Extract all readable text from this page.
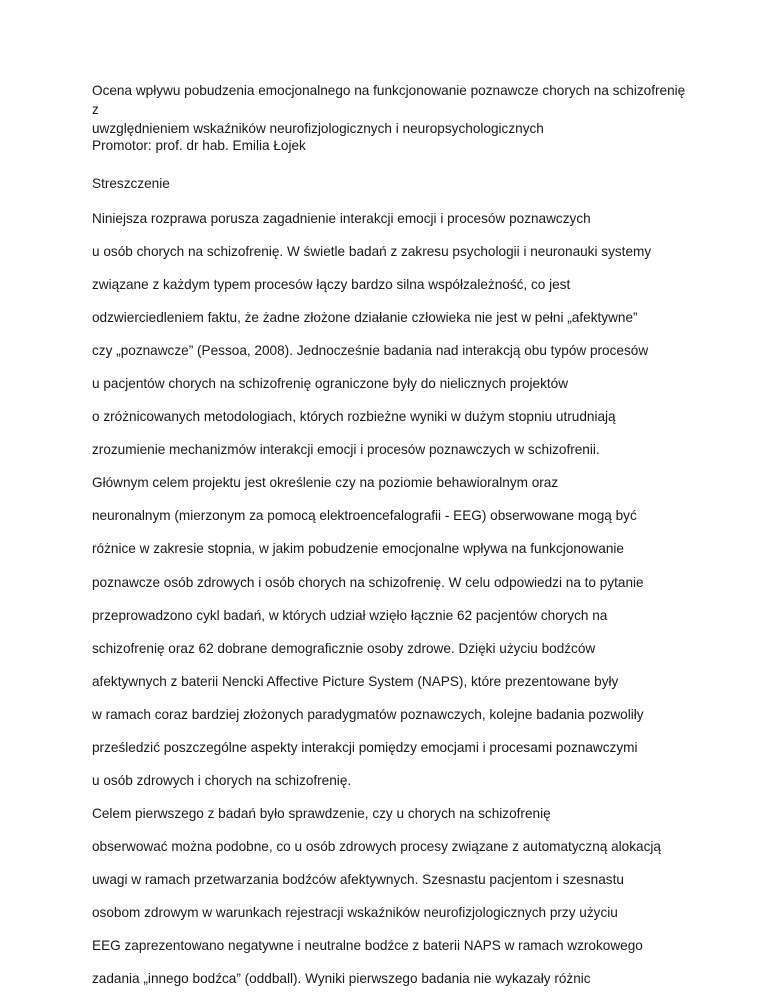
Ocena wpływu pobudzenia emocjonalnego na funkcjonowanie poznawcze chorych na schizofrenię z
uwzględnieniem wskaźników neurofizjologicznych i neuropsychologicznych

Promotor: prof. dr hab. Emilia Łojek

Streszczenie

Niniejsza rozprawa porusza zagadnienie interakcji emocji i procesów poznawczych
u osób chorych na schizofrenię. W świetle badań z zakresu psychologii i neuronauki systemy
związane z każdym typem procesów łączy bardzo silna współzależność, co jest
odzwierciedleniem faktu, że żadne złożone działanie człowieka nie jest w pełni „afektywne”
czy „poznawcze” (Pessoa, 2008). Jednocześnie badania nad interakcją obu typów procesów
u pacjentów chorych na schizofrenię ograniczone były do nielicznych projektów
o zróżnicowanych metodologiach, których rozbieżne wyniki w dużym stopniu utrudniają
zrozumienie mechanizmów interakcji emocji i procesów poznawczych w schizofrenii.
Głównym celem projektu jest określenie czy na poziomie behawioralnym oraz
neuronalnym (mierzonym za pomocą elektroencefalografii - EEG) obserwowane mogą być
różnice w zakresie stopnia, w jakim pobudzenie emocjonalne wpływa na funkcjonowanie
poznawcze osób zdrowych i osób chorych na schizofrenię. W celu odpowiedzi na to pytanie
przeprowadzono cykl badań, w których udział wzięło łącznie 62 pacjentów chorych na
schizofrenię oraz 62 dobrane demograficznie osoby zdrowe. Dzięki użyciu bodźców
afektywnych z baterii Nencki Affective Picture System (NAPS), które prezentowane były
w ramach coraz bardziej złożonych paradygmatów poznawczych, kolejne badania pozwoliły
prześledzić poszczególne aspekty interakcji pomiędzy emocjami i procesami poznawczymi
u osób zdrowych i chorych na schizofrenię.
Celem pierwszego z badań było sprawdzenie, czy u chorych na schizofrenię
obserwować można podobne, co u osób zdrowych procesy związane z automatyczną alokacją
uwagi w ramach przetwarzania bodźców afektywnych. Szesnastu pacjentom i szesnastu
osobom zdrowym w warunkach rejestracji wskaźników neurofizjologicznych przy użyciu
EEG zaprezentowano negatywne i neutralne bodźce z baterii NAPS w ramach wzrokowego
zadania „innego bodźca” (oddball). Wyniki pierwszego badania nie wykazały różnic
